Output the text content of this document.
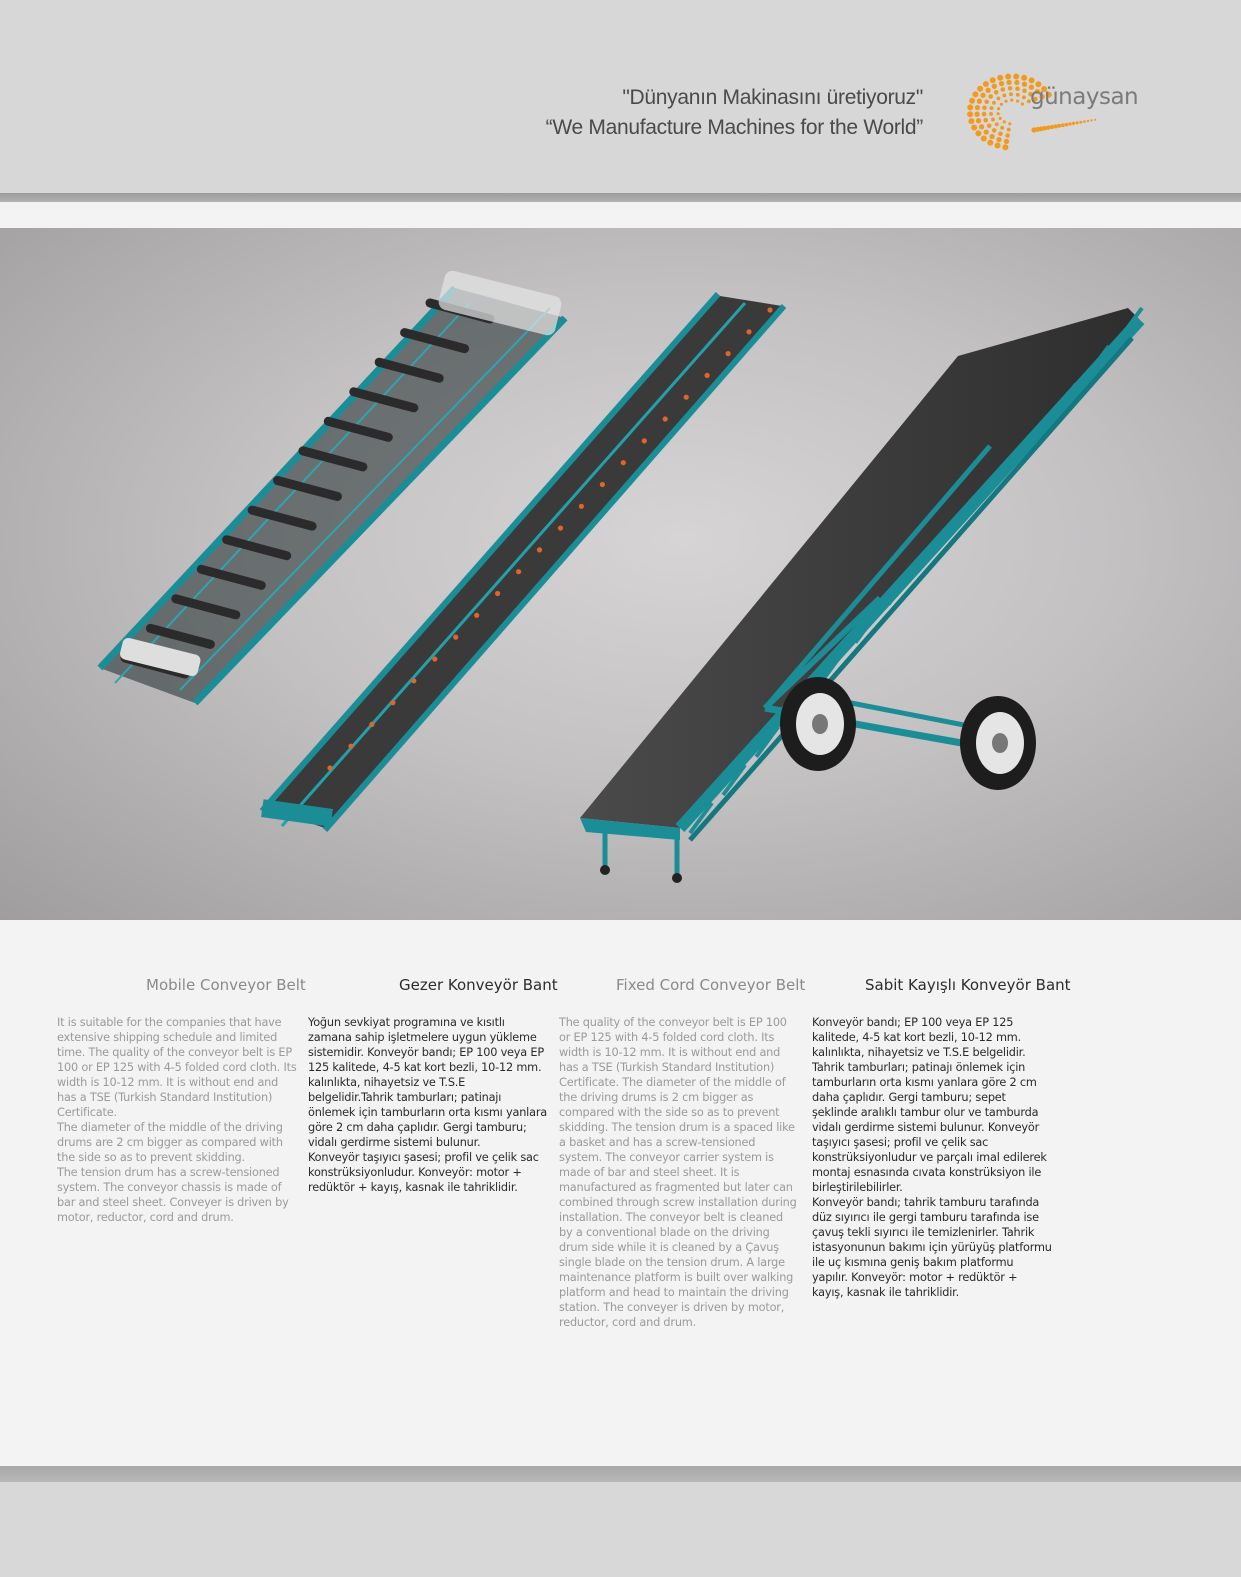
"Dünyanın Makinasını üretiyoruz"
“We Manufacture Machines for the World”
günaysan
Mobile Conveyor Belt	Gezer Konveyör Bant	Fixed Cord Conveyor Belt	Sabit Kayışlı Konveyör Bant
It is suitable for the companies that have extensive shipping schedule and limited time. The quality of the conveyor belt is EP 100 or EP 125 with 4-5 folded cord cloth. Its width is 10-12 mm. It is without end and has a TSE (Turkish Standard Institution) Certificate.
The diameter of the middle of the driving drums are 2 cm bigger as compared with the side so as to prevent skidding.
The tension drum has a screw-tensioned system. The conveyor chassis is made of bar and steel sheet. Conveyer is driven by motor, reductor, cord and drum.
Yoğun sevkiyat programına ve kısıtlı zamana sahip işletmelere uygun yükleme sistemidir. Konveyör bandı; EP 100 veya EP 125 kalitede, 4-5 kat kort bezli, 10-12 mm. kalınlıkta, nihayetsiz ve T.S.E belgelidir.Tahrik tamburları; patinajı önlemek için tamburların orta kısmı yanlara göre 2 cm daha çaplıdır. Gergi tamburu; vidalı gerdirme sistemi bulunur.
Konveyör taşıyıcı şasesi; profil ve çelik sac konstrüksiyonludur. Konveyör: motor + redüktör + kayış, kasnak ile tahriklidir.
The quality of the conveyor belt is EP 100 or EP 125 with 4-5 folded cord cloth. Its width is 10-12 mm. It is without end and has a TSE (Turkish Standard Institution) Certificate. The diameter of the middle of the driving drums is 2 cm bigger as compared with the side so as to prevent skidding. The tension drum is a spaced like a basket and has a screw-tensioned system. The conveyor carrier system is made of bar and steel sheet. It is manufactured as fragmented but later can combined through screw installation during installation. The conveyor belt is cleaned by a conventional blade on the driving drum side while it is cleaned by a Çavuş single blade on the tension drum. A large maintenance platform is built over walking platform and head to maintain the driving station. The conveyer is driven by motor, reductor, cord and drum.
Konveyör bandı; EP 100 veya EP 125 kalitede, 4-5 kat kort bezli, 10-12 mm. kalınlıkta, nihayetsiz ve T.S.E belgelidir. Tahrik tamburları; patinajı önlemek için tamburların orta kısmı yanlara göre 2 cm daha çaplıdır. Gergi tamburu; sepet şeklinde aralıklı tambur olur ve tamburda vidalı gerdirme sistemi bulunur. Konveyör taşıyıcı şasesi; profil ve çelik sac konstrüksiyonludur ve parçalı imal edilerek montaj esnasında cıvata konstrüksiyon ile birleştirilebilirler.
Konveyör bandı; tahrik tamburu tarafında düz sıyırıcı ile gergi tamburu tarafında ise çavuş tekli sıyırıcı ile temizlenirler. Tahrik istasyonunun bakımı için yürüyüş platformu ile uç kısmına geniş bakım platformu yapılır. Konveyör: motor + redüktör + kayış, kasnak ile tahriklidir.
